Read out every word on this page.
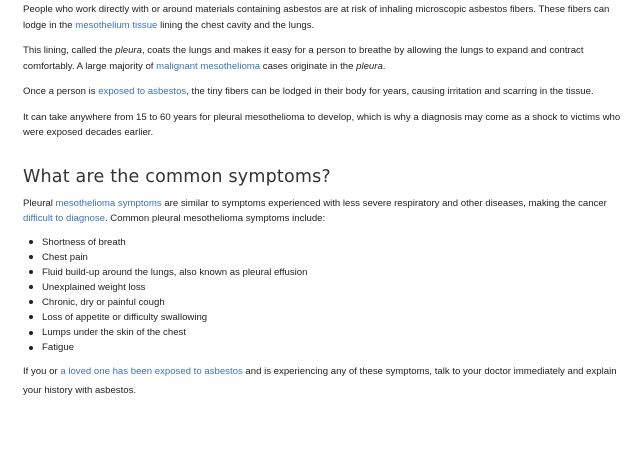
People who work directly with or around materials containing asbestos are at risk of inhaling microscopic asbestos fibers. These fibers can lodge in the mesothelium tissue lining the chest cavity and the lungs.

This lining, called the pleura, coats the lungs and makes it easy for a person to breathe by allowing the lungs to expand and contract comfortably. A large majority of malignant mesothelioma cases originate in the pleura.

Once a person is exposed to asbestos, the tiny fibers can be lodged in their body for years, causing irritation and scarring in the tissue.

It can take anywhere from 15 to 60 years for pleural mesothelioma to develop, which is why a diagnosis may come as a shock to victims who were exposed decades earlier.

What are the common symptoms?

Pleural mesothelioma symptoms are similar to symptoms experienced with less severe respiratory and other diseases, making the cancer difficult to diagnose. Common pleural mesothelioma symptoms include:

Shortness of breath
Chest pain
Fluid build-up around the lungs, also known as pleural effusion
Unexplained weight loss
Chronic, dry or painful cough
Loss of appetite or difficulty swallowing
Lumps under the skin of the chest
Fatigue

If you or a loved one has been exposed to asbestos and is experiencing any of these symptoms, talk to your doctor immediately and explain your history with asbestos.
